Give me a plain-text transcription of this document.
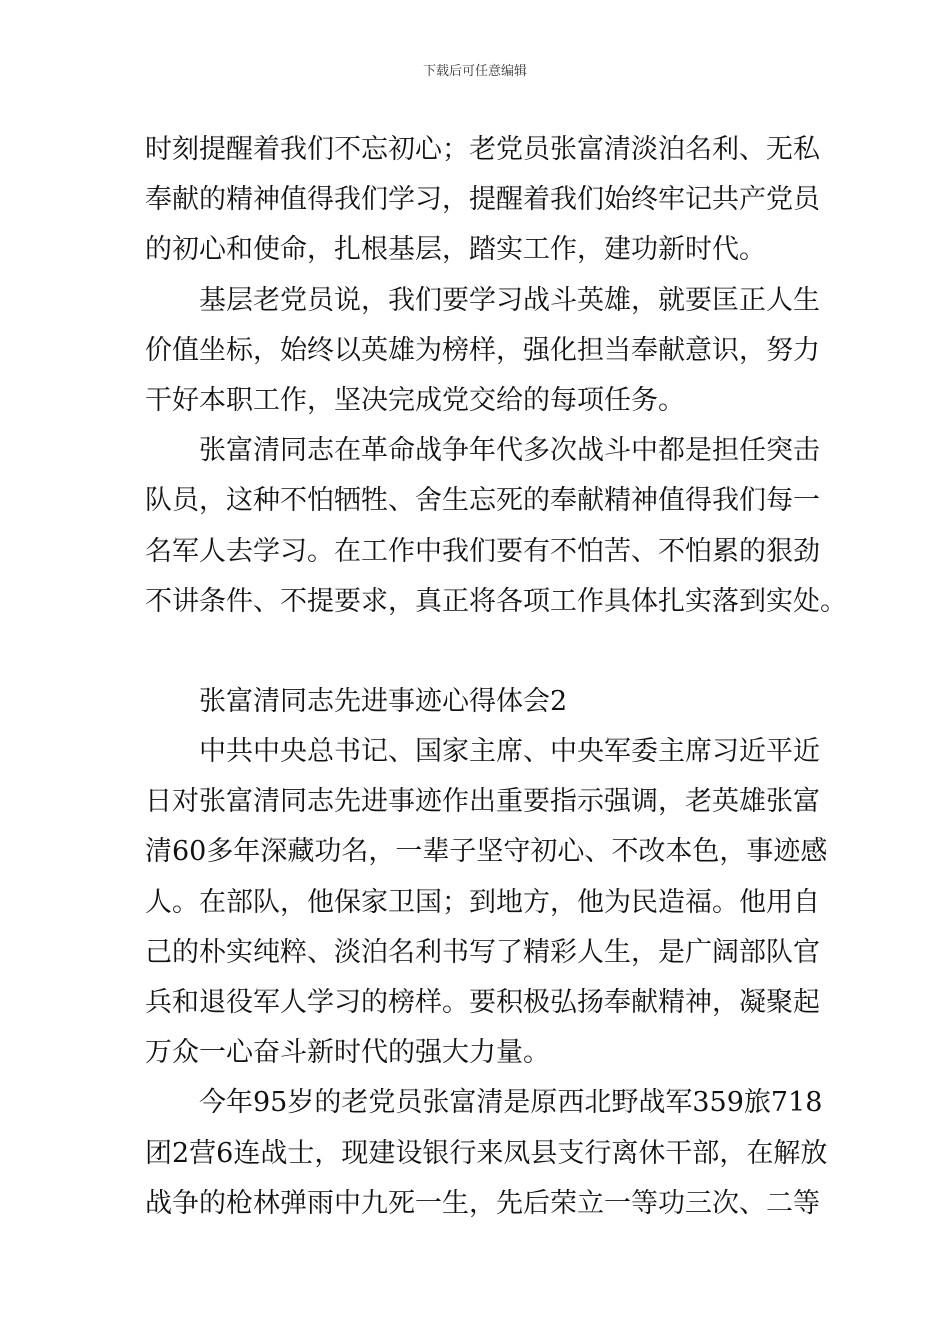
下载后可任意编辑

时刻提醒着我们不忘初心；老党员张富清淡泊名利、无私
奉献的精神值得我们学习，提醒着我们始终牢记共产党员
的初心和使命，扎根基层，踏实工作，建功新时代。

基层老党员说，我们要学习战斗英雄，就要匡正人生
价值坐标，始终以英雄为榜样，强化担当奉献意识，努力
干好本职工作，坚决完成党交给的每项任务。

张富清同志在革命战争年代多次战斗中都是担任突击
队员，这种不怕牺牲、舍生忘死的奉献精神值得我们每一
名军人去学习。在工作中我们要有不怕苦、不怕累的狠劲
不讲条件、不提要求，真正将各项工作具体扎实落到实处。

张富清同志先进事迹心得体会2

中共中央总书记、国家主席、中央军委主席习近平近
日对张富清同志先进事迹作出重要指示强调，老英雄张富
清60多年深藏功名，一辈子坚守初心、不改本色，事迹感
人。在部队，他保家卫国；到地方，他为民造福。他用自
己的朴实纯粹、淡泊名利书写了精彩人生，是广阔部队官
兵和退役军人学习的榜样。要积极弘扬奉献精神，凝聚起
万众一心奋斗新时代的强大力量。

今年95岁的老党员张富清是原西北野战军359旅718
团2营6连战士，现建设银行来凤县支行离休干部，在解放
战争的枪林弹雨中九死一生，先后荣立一等功三次、二等
